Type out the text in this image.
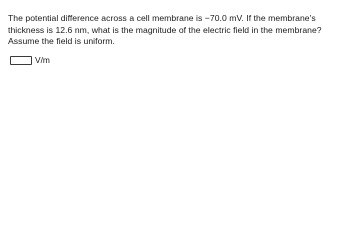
The potential difference across a cell membrane is −70.0 mV. If the membrane's thickness is 12.6 nm, what is the magnitude of the electric field in the membrane? Assume the field is uniform.
V/m
